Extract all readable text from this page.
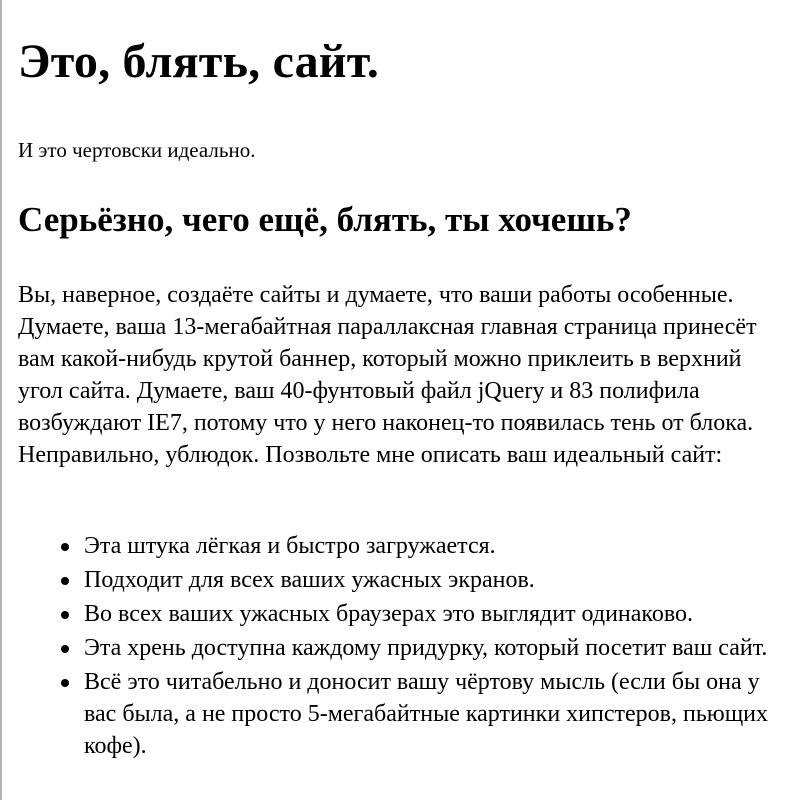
Это, блять, сайт.

И это чертовски идеально.

Серьёзно, чего ещё, блять, ты хочешь?

Вы, наверное, создаёте сайты и думаете, что ваши работы особенные. Думаете, ваша 13-мегабайтная параллаксная главная страница принесёт вам какой-нибудь крутой баннер, который можно приклеить в верхний угол сайта. Думаете, ваш 40-фунтовый файл jQuery и 83 полифила возбуждают IE7, потому что у него наконец-то появилась тень от блока. Неправильно, ублюдок. Позвольте мне описать ваш идеальный сайт:

Эта штука лёгкая и быстро загружается.
Подходит для всех ваших ужасных экранов.
Во всех ваших ужасных браузерах это выглядит одинаково.
Эта хрень доступна каждому придурку, который посетит ваш сайт.
Всё это читабельно и доносит вашу чёртову мысль (если бы она у вас была, а не просто 5-мегабайтные картинки хипстеров, пьющих кофе).
